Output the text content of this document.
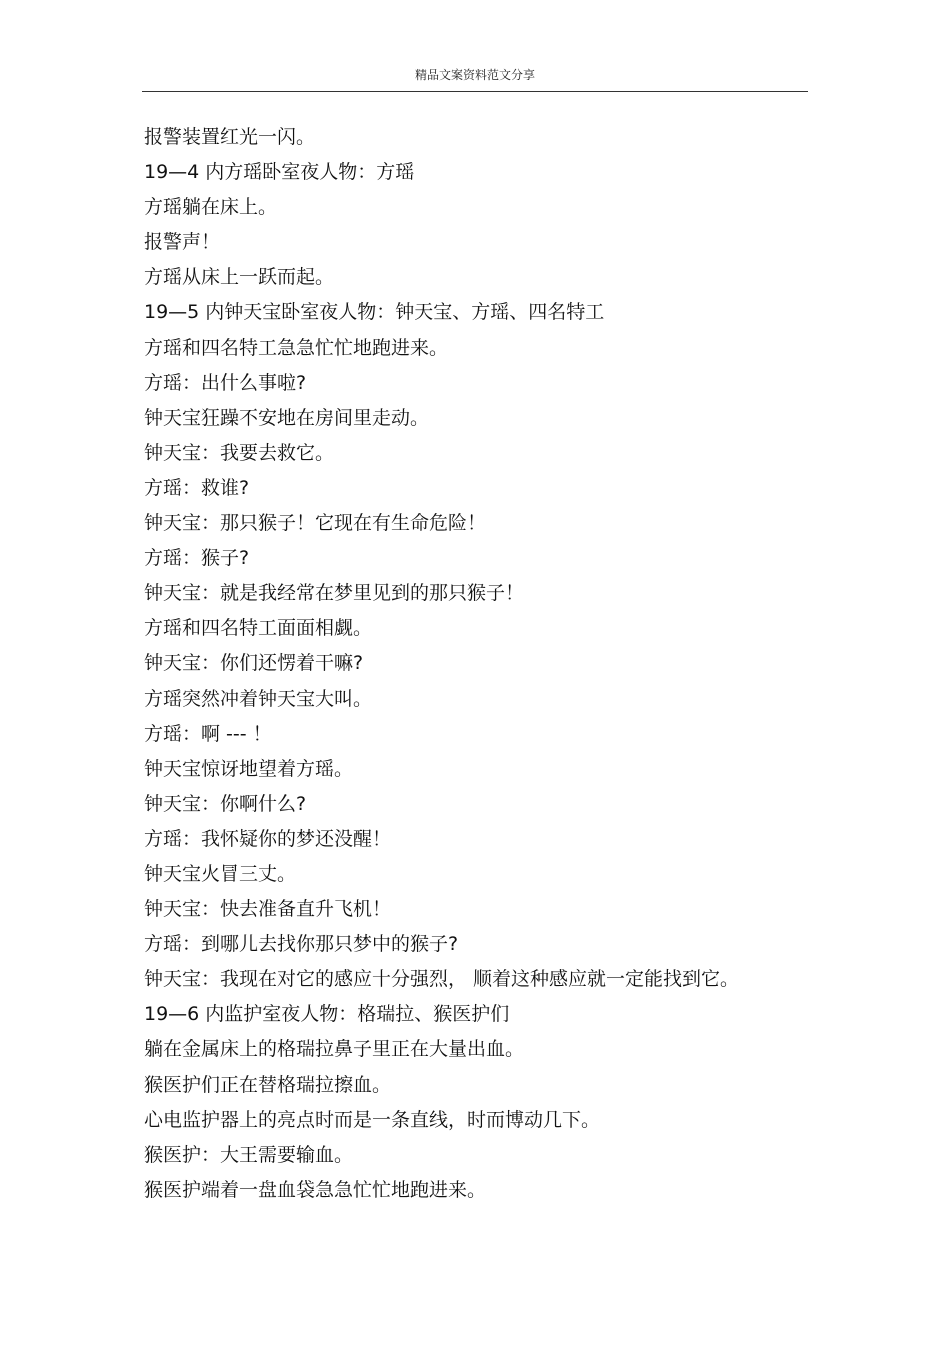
精品文案资料范文分享
报警装置红光一闪。
19—4 内方瑶卧室夜人物：方瑶
方瑶躺在床上。
报警声！
方瑶从床上一跃而起。
19—5 内钟天宝卧室夜人物：钟天宝、方瑶、四名特工
方瑶和四名特工急急忙忙地跑进来。
方瑶：出什么事啦?
钟天宝狂躁不安地在房间里走动。
钟天宝：我要去救它。
方瑶：救谁?
钟天宝：那只猴子！它现在有生命危险！
方瑶：猴子?
钟天宝：就是我经常在梦里见到的那只猴子！
方瑶和四名特工面面相觑。
钟天宝：你们还愣着干嘛?
方瑶突然冲着钟天宝大叫。
方瑶：啊 --- ！
钟天宝惊讶地望着方瑶。
钟天宝：你啊什么?
方瑶：我怀疑你的梦还没醒！
钟天宝火冒三丈。
钟天宝：快去准备直升飞机！
方瑶：到哪儿去找你那只梦中的猴子?
钟天宝：我现在对它的感应十分强烈， 顺着这种感应就一定能找到它。
19—6 内监护室夜人物：格瑞拉、猴医护们
躺在金属床上的格瑞拉鼻子里正在大量出血。
猴医护们正在替格瑞拉擦血。
心电监护器上的亮点时而是一条直线，时而博动几下。
猴医护：大王需要输血。
猴医护端着一盘血袋急急忙忙地跑进来。
